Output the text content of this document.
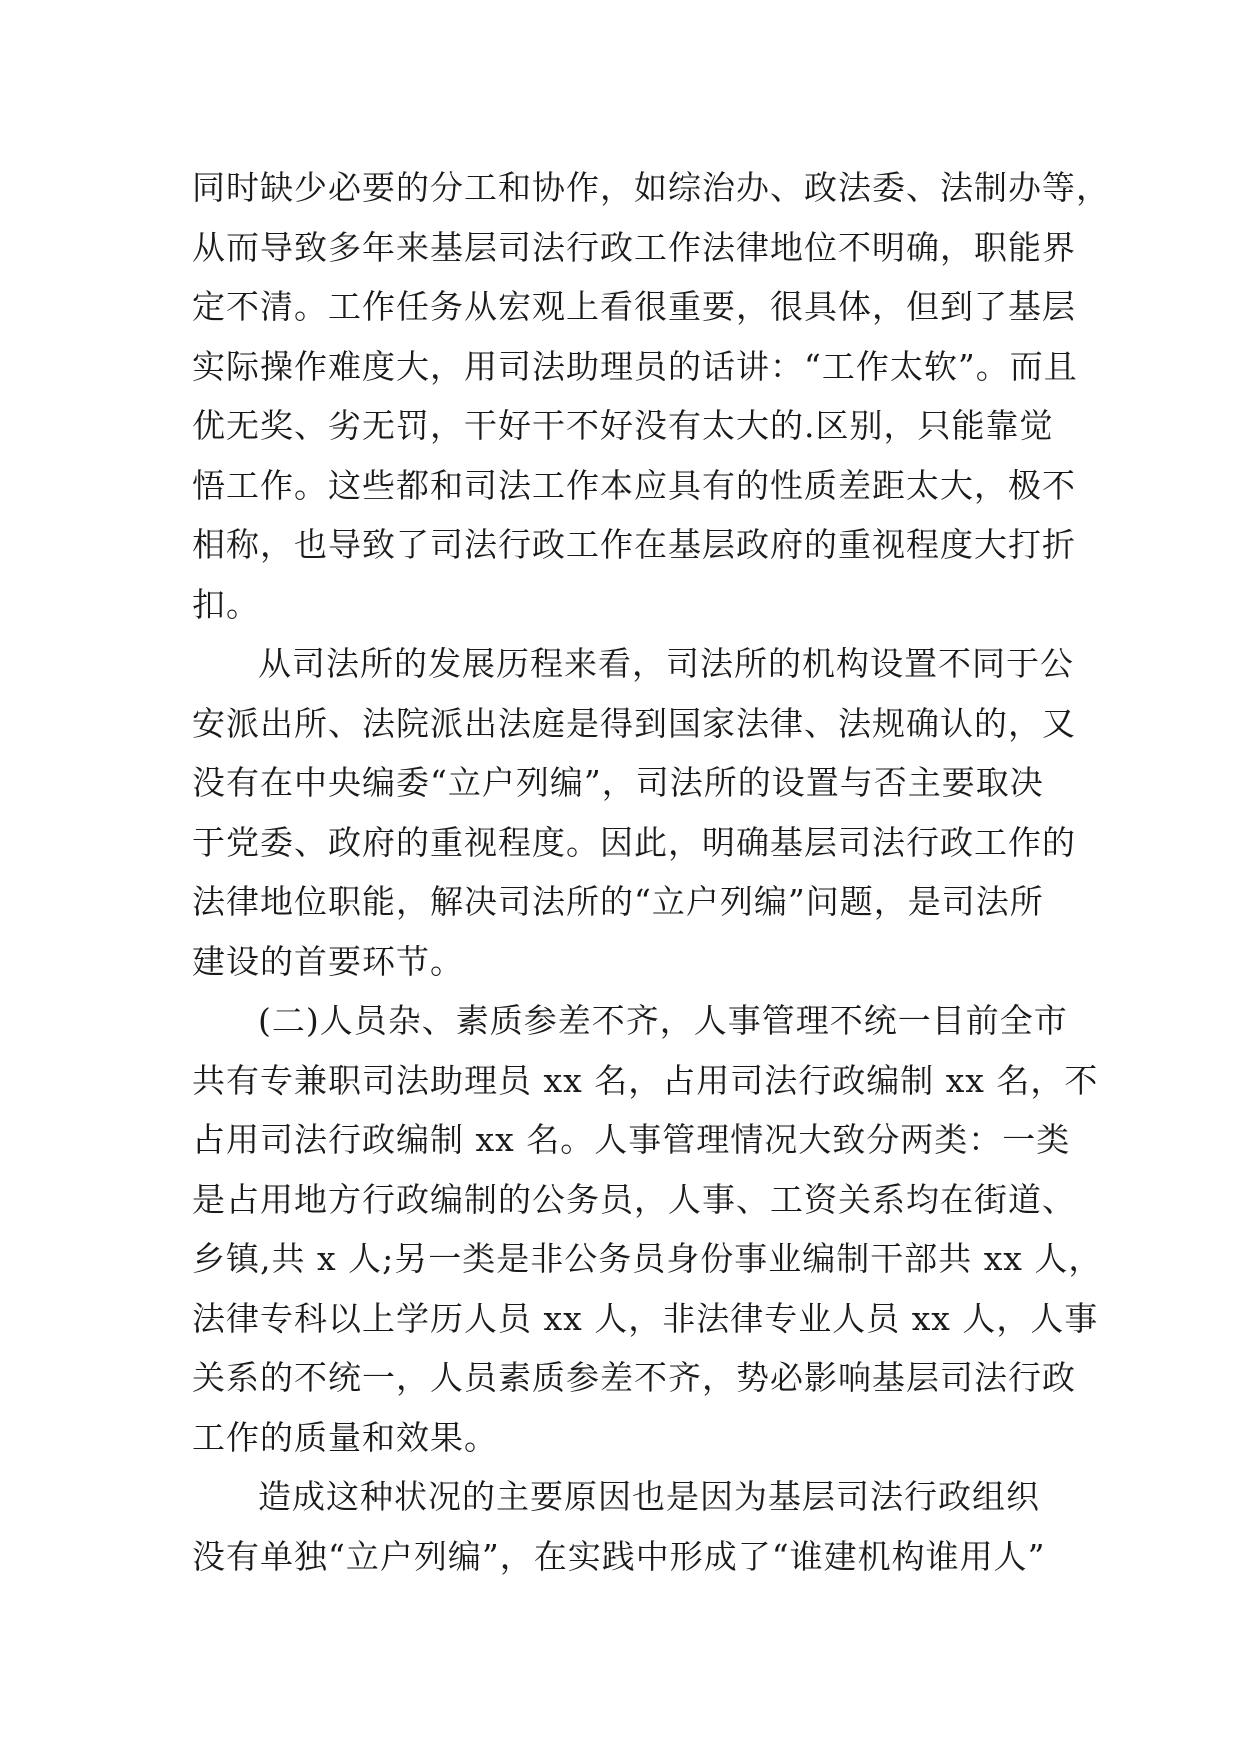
同时缺少必要的分工和协作，如综治办、政法委、法制办等，
从而导致多年来基层司法行政工作法律地位不明确，职能界
定不清。工作任务从宏观上看很重要，很具体，但到了基层
实际操作难度大，用司法助理员的话讲：“工作太软”。而且
优无奖、劣无罚，干好干不好没有太大的.区别，只能靠觉
悟工作。这些都和司法工作本应具有的性质差距太大，极不
相称，也导致了司法行政工作在基层政府的重视程度大打折
扣。
从司法所的发展历程来看，司法所的机构设置不同于公
安派出所、法院派出法庭是得到国家法律、法规确认的，又
没有在中央编委“立户列编”，司法所的设置与否主要取决
于党委、政府的重视程度。因此，明确基层司法行政工作的
法律地位职能，解决司法所的“立户列编”问题，是司法所
建设的首要环节。
(二)人员杂、素质参差不齐，人事管理不统一目前全市
共有专兼职司法助理员 xx 名，占用司法行政编制 xx 名，不
占用司法行政编制 xx 名。人事管理情况大致分两类：一类
是占用地方行政编制的公务员，人事、工资关系均在街道、
乡镇,共 x 人;另一类是非公务员身份事业编制干部共 xx 人，
法律专科以上学历人员 xx 人，非法律专业人员 xx 人，人事
关系的不统一，人员素质参差不齐，势必影响基层司法行政
工作的质量和效果。
造成这种状况的主要原因也是因为基层司法行政组织
没有单独“立户列编”，在实践中形成了“谁建机构谁用人”
